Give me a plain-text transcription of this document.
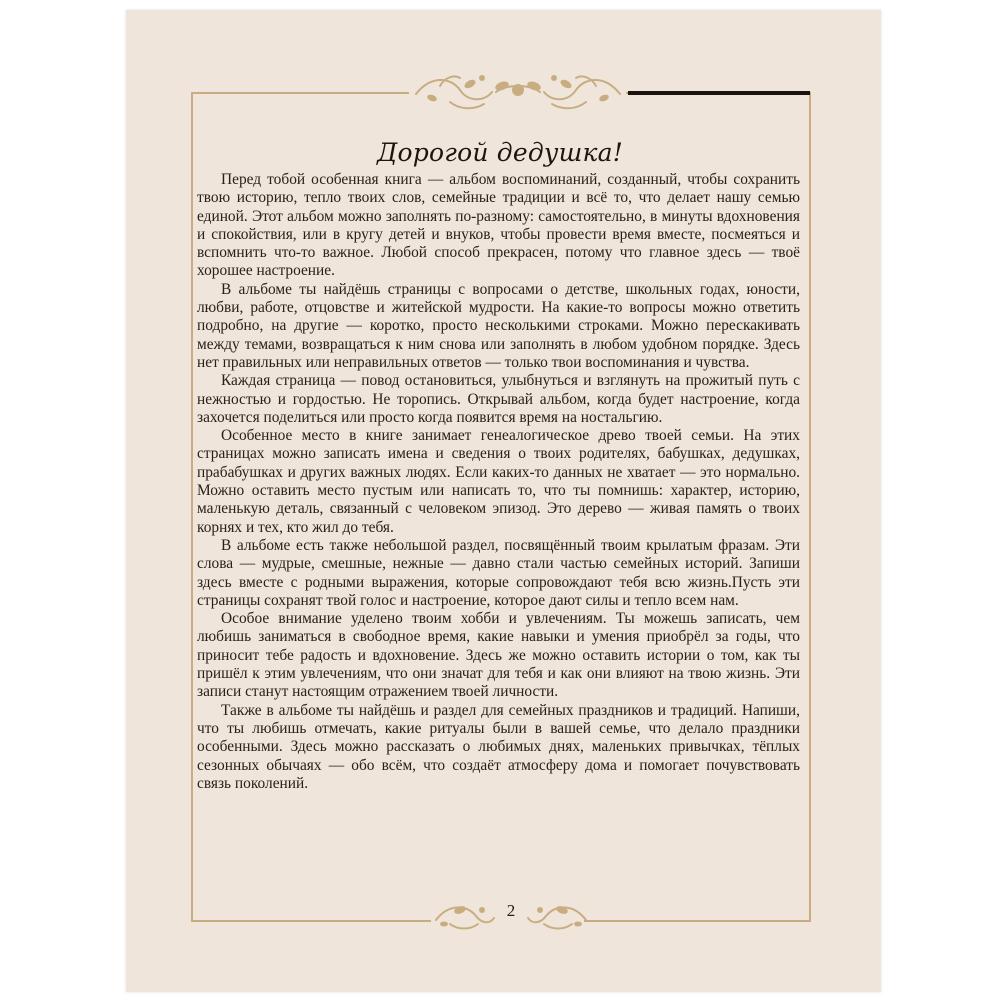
Дорогой дедушка!

Перед тобой особенная книга — альбом воспоминаний, созданный, чтобы сохранить твою историю, тепло твоих слов, семейные традиции и всё то, что делает нашу семью единой. Этот альбом можно заполнять по-разному: самостоятельно, в минуты вдохновения и спокойствия, или в кругу детей и внуков, чтобы провести время вместе, посмеяться и вспомнить что-то важное. Любой способ прекрасен, потому что главное здесь — твоё хорошее настроение.

В альбоме ты найдёшь страницы с вопросами о детстве, школьных годах, юности, любви, работе, отцовстве и житейской мудрости. На какие-то вопросы можно ответить подробно, на другие — коротко, просто несколькими строками. Можно перескакивать между темами, возвращаться к ним снова или заполнять в любом удобном порядке. Здесь нет правильных или неправильных ответов — только твои воспоминания и чувства.

Каждая страница — повод остановиться, улыбнуться и взглянуть на прожитый путь с нежностью и гордостью. Не торопись. Открывай альбом, когда будет настроение, когда захочется поделиться или просто когда появится время на ностальгию.

Особенное место в книге занимает генеалогическое древо твоей семьи. На этих страницах можно записать имена и сведения о твоих родителях, бабушках, дедушках, прабабушках и других важных людях. Если каких-то данных не хватает — это нормально. Можно оставить место пустым или написать то, что ты помнишь: характер, историю, маленькую деталь, связанный с человеком эпизод. Это дерево — живая память о твоих корнях и тех, кто жил до тебя.

В альбоме есть также небольшой раздел, посвящённый твоим крылатым фразам. Эти слова — мудрые, смешные, нежные — давно стали частью семейных историй. Запиши здесь вместе с родными выражения, которые сопровождают тебя всю жизнь.Пусть эти страницы сохранят твой голос и настроение, которое дают силы и тепло всем нам.

Особое внимание уделено твоим хобби и увлечениям. Ты можешь записать, чем любишь заниматься в свободное время, какие навыки и умения приобрёл за годы, что приносит тебе радость и вдохновение. Здесь же можно оставить истории о том, как ты пришёл к этим увлечениям, что они значат для тебя и как они влияют на твою жизнь. Эти записи станут настоящим отражением твоей личности.

Также в альбоме ты найдёшь и раздел для семейных праздников и традиций. Напиши, что ты любишь отмечать, какие ритуалы были в вашей семье, что делало праздники особенными. Здесь можно рассказать о любимых днях, маленьких привычках, тёплых сезонных обычаях — обо всём, что создаёт атмосферу дома и помогает почувствовать связь поколений.

2
